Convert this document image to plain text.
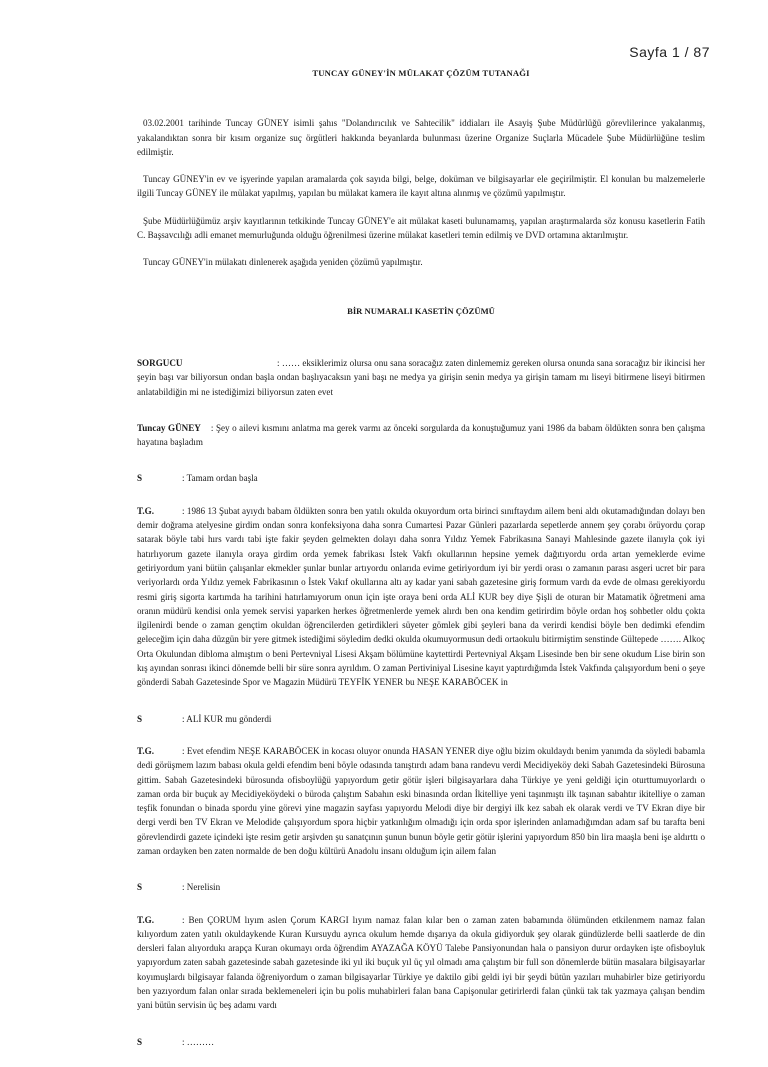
Sayfa 1 / 87
TUNCAY GÜNEY'İN MÜLAKAT ÇÖZÜM TUTANAĞI

03.02.2001 tarihinde Tuncay GÜNEY isimli şahıs "Dolandırıcılık ve Sahtecilik" iddiaları ile Asayiş Şube Müdürlüğü görevlilerince yakalanmış, yakalandıktan sonra bir kısım organize suç örgütleri hakkında beyanlarda bulunması üzerine Organize Suçlarla Mücadele Şube Müdürlüğüne teslim edilmiştir.

Tuncay GÜNEY'in ev ve işyerinde yapılan aramalarda çok sayıda bilgi, belge, doküman ve bilgisayarlar ele geçirilmiştir. El konulan bu malzemelerle ilgili Tuncay GÜNEY ile mülakat yapılmış, yapılan bu mülakat kamera ile kayıt altına alınmış ve çözümü yapılmıştır.

Şube Müdürlüğümüz arşiv kayıtlarının tetkikinde Tuncay GÜNEY'e ait mülakat kaseti bulunamamış, yapılan araştırmalarda söz konusu kasetlerin Fatih C. Başsavcılığı adli emanet memurluğunda olduğu öğrenilmesi üzerine mülakat kasetleri temin edilmiş ve DVD ortamına aktarılmıştır.

Tuncay GÜNEY'in mülakatı dinlenerek aşağıda yeniden çözümü yapılmıştır.

BİR NUMARALI KASETİN ÇÖZÜMÜ

SORGUCU	: …… eksiklerimiz olursa onu sana soracağız zaten dinlememiz gereken olursa onunda sana soracağız bir ikincisi her şeyin başı var biliyorsun ondan başla ondan başlıyacaksın yani başı ne medya ya girişin senin medya ya girişin tamam mı liseyi bitirmene liseyi bitirmen anlatabildiğin mi ne istediğimizi biliyorsun zaten evet

Tuncay GÜNEY : Şey o ailevi kısmını anlatma ma gerek varmı az önceki sorgularda da konuştuğumuz yani 1986 da babam öldükten sonra ben çalışma hayatına başladım

S	: Tamam ordan başla

T.G.	: 1986 13 Şubat ayıydı babam öldükten sonra ben yatılı okulda okuyordum orta birinci sınıftaydım ailem beni aldı okutamadığından dolayı ben demir doğrama atelyesine girdim ondan sonra konfeksiyona daha sonra Cumartesi Pazar Günleri pazarlarda sepetlerde annem şey çorabı örüyordu çorap satarak böyle tabi hırs vardı tabi işte fakir şeyden gelmekten dolayı daha sonra Yıldız Yemek Fabrikasına Sanayi Mahlesinde gazete ilanıyla çok iyi hatırlıyorum gazete ilanıyla oraya girdim orda yemek fabrikası İstek Vakfı okullarının hepsine yemek dağıtıyordu orda artan yemeklerde evime getiriyordum yani bütün çalışanlar ekmekler şunlar bunlar artıyordu onlarıda evime getiriyordum iyi bir yerdi orası o zamanın parası asgeri ucret bir para veriyorlardı orda Yıldız yemek Fabrikasının o İstek Vakıf okullarına altı ay kadar yani sabah gazetesine giriş formum vardı da evde de olması gerekiyordu resmi giriş sigorta kartımda ha tarihini hatırlamıyorum onun için işte oraya beni orda ALİ KUR bey diye Şişli de oturan bir Matamatik öğretmeni ama oranın müdürü kendisi onla yemek servisi yaparken herkes öğretmenlerde yemek alırdı ben ona kendim getirirdim böyle ordan hoş sohbetler oldu çokta ilgilenirdi bende o zaman gençtim okuldan öğrencilerden getirdikleri süyeter gömlek gibi şeyleri bana da verirdi kendisi böyle ben dedimki efendim geleceğim için daha düzgün bir yere gitmek istediğimi söyledim dedki okulda okumuyormusun dedi ortaokulu bitirmiştim senstinde Gültepede ……. Alkoç Orta Okulundan dibloma almıştım o beni Pertevniyal Lisesi Akşam bölümüne kaytettirdi Pertevniyal Akşam Lisesinde ben bir sene okudum Lise birin son kış ayından sonrası ikinci dönemde belli bir süre sonra ayrıldım. O zaman Pertiviniyal Lisesine kayıt yaptırdığımda İstek Vakfında çalışıyordum beni o şeye gönderdi Sabah Gazetesinde Spor ve Magazin Müdürü TEYFİK YENER bu NEŞE KARABÖCEK in

S	: ALİ KUR mu gönderdi

T.G.	: Evet efendim NEŞE KARABÖCEK in kocası oluyor onunda HASAN YENER diye oğlu bizim okuldaydı benim yanımda da söyledi babamla dedi görüşmem lazım babası okula geldi efendim beni böyle odasında tanıştırdı adam bana randevu verdi Mecidiyeköy deki Sabah Gazetesindeki Bürosuna gittim. Sabah Gazetesindeki bürosunda ofisboylüğü yapıyordum getir götür işleri bilgisayarlara daha Türkiye ye yeni geldiği için oturttumuyorlardı o zaman orda bir buçuk ay Mecidiyeköydeki o büroda çalıştım Sabahın eski binasında ordan İkitelliye yeni taşınmıştı ilk taşınan sabahtır ikitelliye o zaman teşfik fonundan o binada spordu yine görevi yine magazin sayfası yapıyordu Melodi diye bir dergiyi ilk kez sabah ek olarak verdi ve TV Ekran diye bir dergi verdi ben TV Ekran ve Melodide çalışıyordum spora hiçbir yatkınlığım olmadığı için orda spor işlerinden anlamadığımdan adam saf bu tarafta beni görevlendirdi gazete içindeki işte resim getir arşivden şu sanatçının şunun bunun böyle getir götür işlerini yapıyordum 850 bin lira maaşla beni işe aldırttı o zaman ordayken ben zaten normalde de ben doğu kültürü Anadolu insanı olduğum için ailem falan

S	: Nerelisin

T.G.	: Ben ÇORUM lıyım aslen Çorum KARGI lıyım namaz falan kılar ben o zaman zaten babamında ölümünden etkilenmem namaz falan kılıyordum zaten yatılı okuldaykende Kuran Kursuydu ayrıca okulum hemde dışarıya da okula gidiyorduk şey olarak gündüzlerde belli saatlerde de din dersleri falan alıyordukı arapça Kuran okumayı orda öğrendim AYAZAĞA KÖYÜ Talebe Pansiyonundan hala o pansiyon durur ordayken işte ofisboyluk yapıyordum zaten sabah gazetesinde sabah gazetesinde iki yıl iki buçuk yıl üç yıl olmadı ama çalıştım bir full son dönemlerde bütün masalara bilgisayarlar koyımuşlardı bilgisayar falanda öğreniyordum o zaman bilgisayarlar Türkiye ye daktilo gibi geldi iyi bir şeydi bütün yazıları muhabirler bize getiriyordu ben yazıyordum falan onlar sırada beklemeneleri için bu polis muhabirleri falan bana Capişonular getirirlerdi falan çünkü tak tak yazmaya çalışan bendim yani bütün servisin üç beş adamı vardı

S	: ………
